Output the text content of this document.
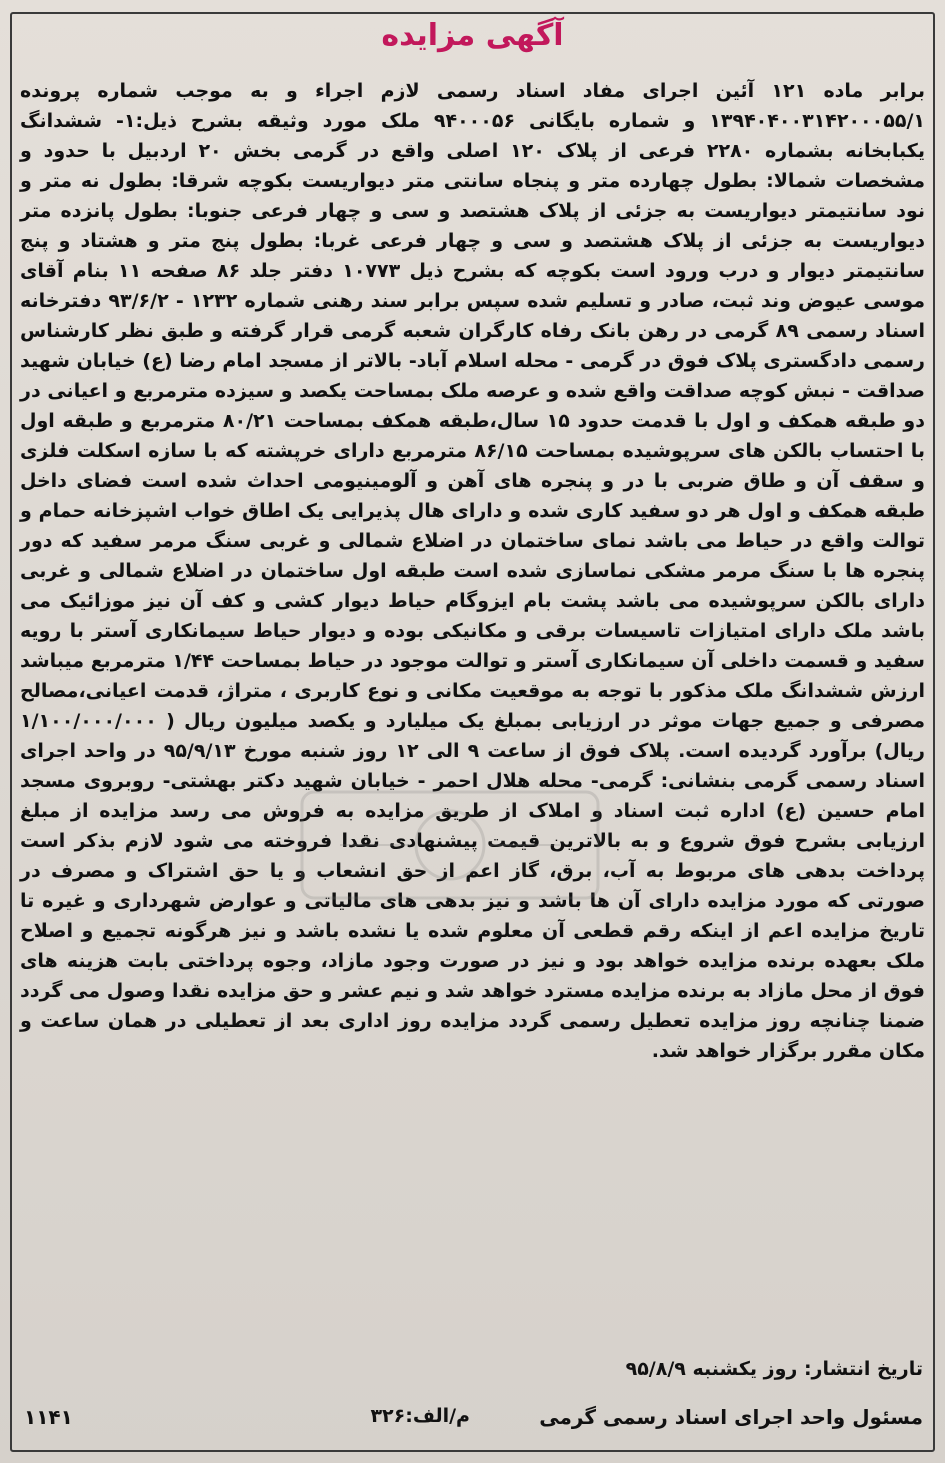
آگهی مزایده
برابر ماده ۱۲۱ آئین اجرای مفاد اسناد رسمی لازم اجراء و به موجب شماره پرونده ۱۳۹۴۰۴۰۰۳۱۴۲۰۰۰۵۵/۱ و شماره بایگانی ۹۴۰۰۰۵۶ ملک مورد وثیقه بشرح ذیل:۱- ششدانگ یکبابخانه بشماره ۲۲۸۰ فرعی از پلاک ۱۲۰ اصلی واقع در گرمی بخش ۲۰ اردبیل با حدود و مشخصات شمالا: بطول چهارده متر و پنجاه سانتی متر دیواریست بکوچه شرقا: بطول نه متر و نود سانتیمتر دیواریست به جزئی از پلاک هشتصد و سی و چهار فرعی جنوبا: بطول پانزده متر دیواریست به جزئی از پلاک هشتصد و سی و چهار فرعی غربا: بطول پنج متر و هشتاد و پنج سانتیمتر دیوار و درب ورود است بکوچه که بشرح ذیل ۱۰۷۷۳ دفتر جلد ۸۶ صفحه ۱۱ بنام آقای موسی عیوض وند ثبت، صادر و تسلیم شده سپس برابر سند رهنی شماره ۱۲۳۲ - ۹۳/۶/۲ دفترخانه اسناد رسمی ۸۹ گرمی در رهن بانک رفاه کارگران شعبه گرمی قرار گرفته و طبق نظر کارشناس رسمی دادگستری پلاک فوق در گرمی - محله اسلام آباد- بالاتر از مسجد امام رضا (ع) خیابان شهید صداقت - نبش کوچه صداقت واقع شده و عرصه ملک بمساحت یکصد و سیزده مترمربع و اعیانی در دو طبقه همکف و اول با قدمت حدود ۱۵ سال،طبقه همکف بمساحت ۸۰/۲۱ مترمربع و طبقه اول با احتساب بالکن های سرپوشیده بمساحت ۸۶/۱۵ مترمربع دارای خرپشته که با سازه اسکلت فلزی و سقف آن و طاق ضربی با در و پنجره های آهن و آلومینیومی احداث شده است فضای داخل طبقه همکف و اول هر دو سفید کاری شده و دارای هال پذیرایی یک اطاق خواب اشپزخانه حمام و توالت واقع در حیاط می باشد نمای ساختمان در اضلاع شمالی و غربی سنگ مرمر سفید که دور پنجره ها با سنگ مرمر مشکی نماسازی شده است طبقه اول ساختمان در اضلاع شمالی و غربی دارای بالکن سرپوشیده می باشد پشت بام ایزوگام حیاط دیوار کشی و کف آن نیز موزائیک می باشد ملک دارای امتیازات تاسیسات برقی و مکانیکی بوده و دیوار حیاط سیمانکاری آستر با رویه سفید و قسمت داخلی آن سیمانکاری آستر و توالت موجود در حیاط بمساحت ۱/۴۴ مترمربع میباشد ارزش ششدانگ ملک مذکور با توجه به موقعیت مکانی و نوع کاربری ، متراژ، قدمت اعیانی،مصالح مصرفی و جمیع جهات موثر در ارزیابی بمبلغ یک میلیارد و یکصد میلیون ریال ( ۱/۱۰۰/۰۰۰/۰۰۰ ریال) برآورد گردیده است. پلاک فوق از ساعت ۹ الی ۱۲ روز شنبه مورخ ۹۵/۹/۱۳ در واحد اجرای اسناد رسمی گرمی بنشانی: گرمی- محله هلال احمر - خیابان شهید دکتر بهشتی- روبروی مسجد امام حسین (ع) اداره ثبت اسناد و املاک از طریق مزایده به فروش می رسد مزایده از مبلغ ارزیابی بشرح فوق شروع و به بالاترین قیمت پیشنهادی نقدا فروخته می شود لازم بذکر است پرداخت بدهی های مربوط به آب، برق، گاز اعم از حق انشعاب و یا حق اشتراک و مصرف در صورتی که مورد مزایده دارای آن ها باشد و نیز بدهی های مالیاتی و عوارض شهرداری و غیره تا تاریخ مزایده اعم از اینکه رقم قطعی آن معلوم شده یا نشده باشد و نیز هرگونه تجمیع و اصلاح ملک بعهده برنده مزایده خواهد بود و نیز در صورت وجود مازاد، وجوه پرداختی بابت هزینه های فوق از محل مازاد به برنده مزایده مسترد خواهد شد و نیم عشر و حق مزایده نقدا وصول می گردد ضمنا چنانچه روز مزایده تعطیل رسمی گردد مزایده روز اداری بعد از تعطیلی در همان ساعت و مکان مقرر برگزار خواهد شد.
تاریخ انتشار: روز یکشنبه ۹۵/۸/۹
مسئول واحد اجرای اسناد رسمی گرمی
م/الف:۳۲۶
۱۱۴۱
